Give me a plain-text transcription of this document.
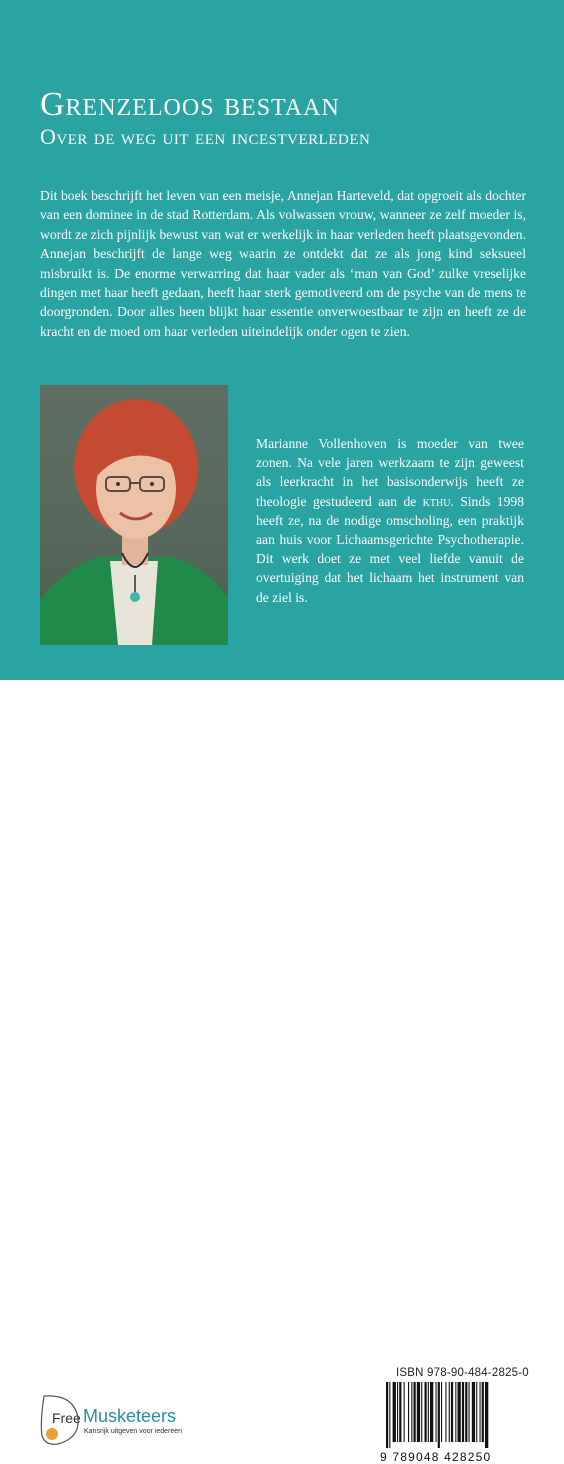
Grenzeloos bestaan
Over de weg uit een incestverleden

Dit boek beschrijft het leven van een meisje, Annejan Harteveld, dat opgroeit als dochter van een dominee in de stad Rotterdam. Als volwassen vrouw, wanneer ze zelf moeder is, wordt ze zich pijnlijk bewust van wat er werkelijk in haar verleden heeft plaatsgevonden. Annejan beschrijft de lange weg waarin ze ontdekt dat ze als jong kind seksueel misbruikt is. De enorme verwarring dat haar vader als ‘man van God’ zulke vreselijke dingen met haar heeft gedaan, heeft haar sterk gemotiveerd om de psyche van de mens te doorgronden. Door alles heen blijkt haar essentie onverwoestbaar te zijn en heeft ze de kracht en de moed om haar verleden uiteindelijk onder ogen te zien.

Marianne Vollenhoven is moeder van twee zonen. Na vele jaren werkzaam te zijn geweest als leerkracht in het basisonderwijs heeft ze theologie gestudeerd aan de kthu. Sinds 1998 heeft ze, na de nodige omscholing, een praktijk aan huis voor Lichaamsgerichte Psychotherapie. Dit werk doet ze met veel liefde vanuit de overtuiging dat het lichaam het instrument van de ziel is.

Free Musketeers
Kansrijk uitgeven voor iedereen
ISBN 978-90-484-2825-0
9 789048 428250
